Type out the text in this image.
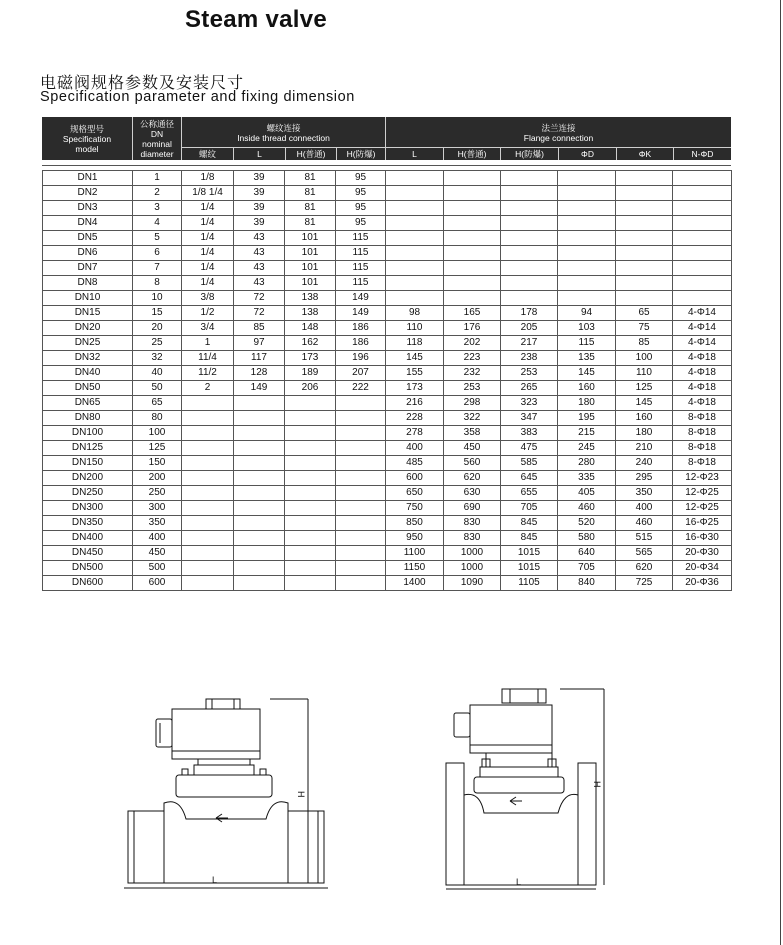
Steam valve
电磁阀规格参数及安装尺寸
Specification parameter and fixing dimension
规格型号
Specification
model
公称通径
DN
nominal
diameter
螺纹连接
Inside thread connection
法兰连接
Flange connection
螺纹	L	H(普通)	H(防爆)	L	H(普通)	H(防爆)	ΦD	ΦK	N-ΦD
DN1	1	1/8	39	81	95						
DN2	2	1/8 1/4	39	81	95						
DN3	3	1/4	39	81	95						
DN4	4	1/4	39	81	95						
DN5	5	1/4	43	101	115						
DN6	6	1/4	43	101	115						
DN7	7	1/4	43	101	115						
DN8	8	1/4	43	101	115						
DN10	10	3/8	72	138	149						
DN15	15	1/2	72	138	149	98	165	178	94	65	4-Φ14
DN20	20	3/4	85	148	186	110	176	205	103	75	4-Φ14
DN25	25	1	97	162	186	118	202	217	115	85	4-Φ14
DN32	32	11/4	117	173	196	145	223	238	135	100	4-Φ18
DN40	40	11/2	128	189	207	155	232	253	145	110	4-Φ18
DN50	50	2	149	206	222	173	253	265	160	125	4-Φ18
DN65	65					216	298	323	180	145	4-Φ18
DN80	80					228	322	347	195	160	8-Φ18
DN100	100					278	358	383	215	180	8-Φ18
DN125	125					400	450	475	245	210	8-Φ18
DN150	150					485	560	585	280	240	8-Φ18
DN200	200					600	620	645	335	295	12-Φ23
DN250	250					650	630	655	405	350	12-Φ25
DN300	300					750	690	705	460	400	12-Φ25
DN350	350					850	830	845	520	460	16-Φ25
DN400	400					950	830	845	580	515	16-Φ30
DN450	450					1100	1000	1015	640	565	20-Φ30
DN500	500					1150	1000	1015	705	620	20-Φ34
DN600	600					1400	1090	1105	840	725	20-Φ36
L
H
L
H
